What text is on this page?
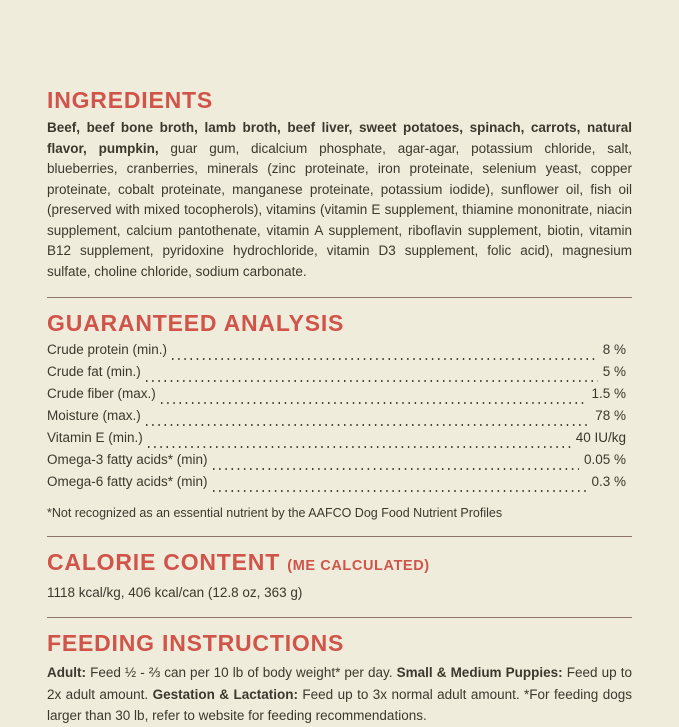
INGREDIENTS

Beef, beef bone broth, lamb broth, beef liver, sweet potatoes, spinach, carrots, natural flavor, pumpkin, guar gum, dicalcium phosphate, agar-agar, potassium chloride, salt, blueberries, cranberries, minerals (zinc proteinate, iron proteinate, selenium yeast, copper proteinate, cobalt proteinate, manganese proteinate, potassium iodide), sunflower oil, fish oil (preserved with mixed tocopherols), vitamins (vitamin E supplement, thiamine mononitrate, niacin supplement, calcium pantothenate, vitamin A supplement, riboflavin supplement, biotin, vitamin B12 supplement, pyridoxine hydrochloride, vitamin D3 supplement, folic acid), magnesium sulfate, choline chloride, sodium carbonate.

GUARANTEED ANALYSIS
Crude protein (min.)	8 %
Crude fat (min.)	5 %
Crude fiber (max.)	1.5 %
Moisture (max.)	78 %
Vitamin E (min.)	40 IU/kg
Omega-3 fatty acids* (min)	0.05 %
Omega-6 fatty acids* (min)	0.3 %

*Not recognized as an essential nutrient by the AAFCO Dog Food Nutrient Profiles

CALORIE CONTENT (ME CALCULATED)

1118 kcal/kg, 406 kcal/can (12.8 oz, 363 g)

FEEDING INSTRUCTIONS

Adult: Feed ½ - ⅔ can per 10 lb of body weight* per day. Small & Medium Puppies: Feed up to 2x adult amount. Gestation & Lactation: Feed up to 3x normal adult amount. *For feeding dogs larger than 30 lb, refer to website for feeding recommendations.
